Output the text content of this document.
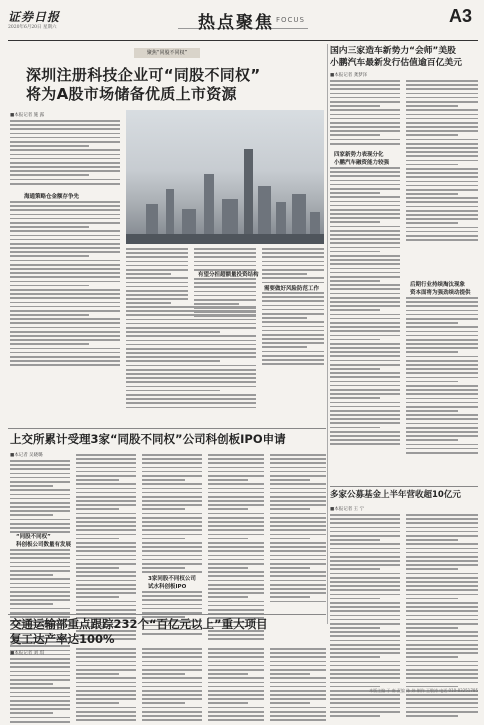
证券日报
2020年6月20日 星期六	热点聚焦 FOCUS	A3
聚焦“同股不同权”
深圳注册科技企业可“同股不同权”
将为A股市场储备优质上市资源
■本报记者 施 露
海通策略仓金额存争先
有望分担超额量投资结构
需要做好风险防范工作
上交所累计受理3家“同股不同权”公司科创板IPO申请
■本记者 吴晓璐
“同股不同权”
科创板公司数量有发展
3家同股不同权公司
试水科创板IPO
交通运输部重点跟踪232个“百亿元以上”重大项目
复工达产率达100%
■本报记者 刘 琪
国内三家造车新势力“会师”美股
小鹏汽车最新发行估值逾百亿美元
■本报记者 龚梦泽
四家新势力表现分化
小鹏汽车融资能力较强
后期行业持续淘汰现象
资本面将为强劲续动提供
多家公募基金上半年营收超10亿元
■本报记者 王 宁
本版主编 于 南 责编 陈 炜 制作 王敬涛 电话 010-83251785
